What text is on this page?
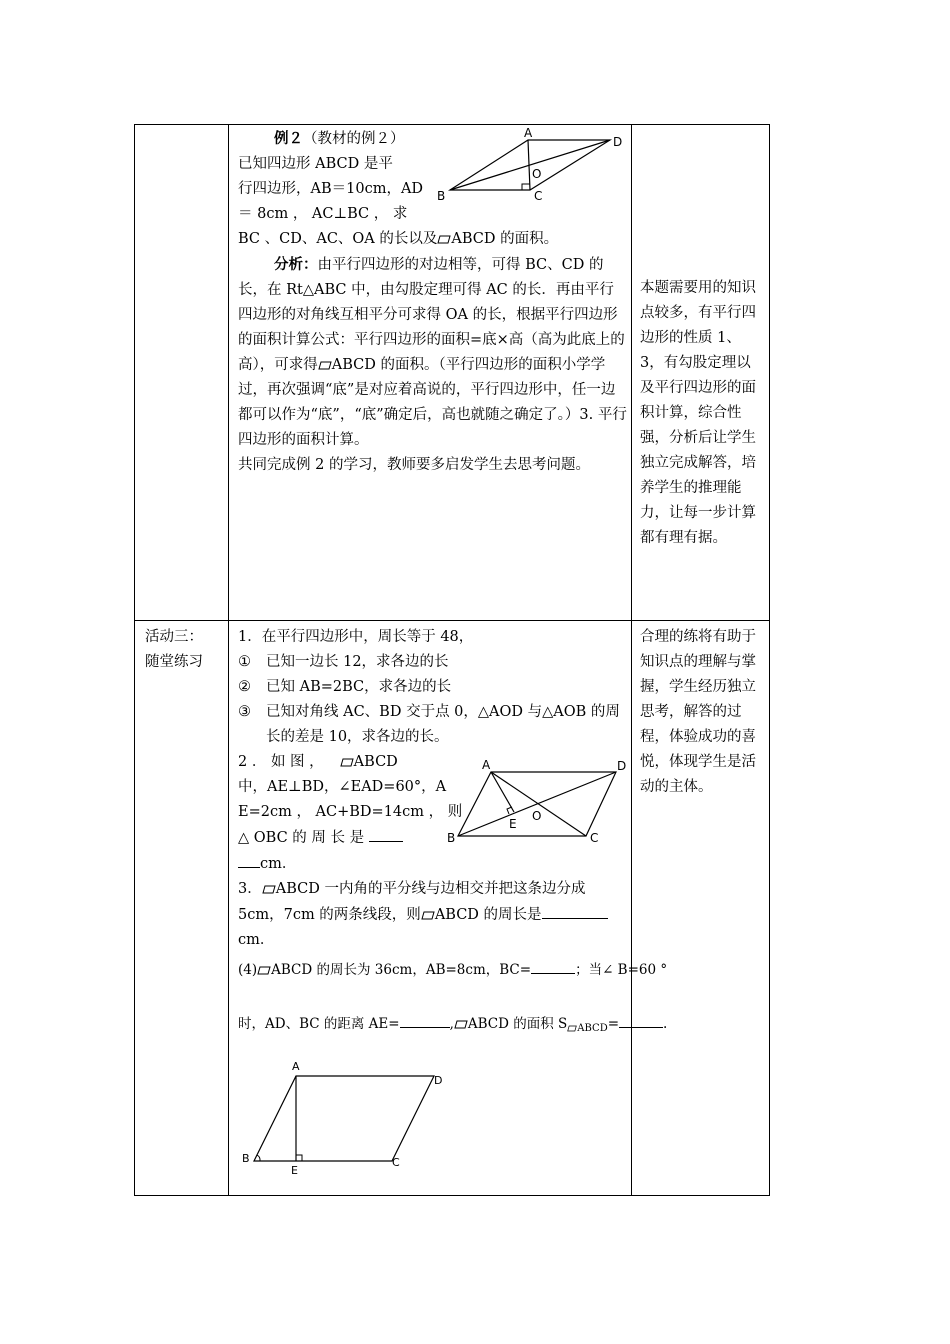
例２（教材的例２）
已知四边形 ABCD 是平
行四边形，AB＝10cm，AD
＝ 8cm ， AC⊥BC ， 求
BC 、CD、AC、OA 的长以及 ABCD 的面积。
分析：由平行四边形的对边相等，可得 BC、CD 的长，在 Rt△ABC 中，由勾股定理可得 AC 的长．再由平行四边形的对角线互相平分可求得 OA 的长，根据平行四边形的面积计算公式：平行四边形的面积=底×高（高为此底上的高），可求得 ABCD 的面积。（平行四边形的面积小学学过，再次强调“底”是对应着高说的，平行四边形中，任一边都可以作为“底”，“底”确定后，高也就随之确定了。）3. 平行四边形的面积计算。
共同完成例 2 的学习，教师要多启发学生去思考问题。
A
B	C
D
O
本题需要用的知识点较多，有平行四边形的性质 1、3，有勾股定理以及平行四边形的面积计算，综合性强，分析后让学生独立完成解答，培养学生的推理能力，让每一步计算都有理有据。
活动三：
随堂练习
1．在平行四边形中，周长等于 48，
①	已知一边长 12，求各边的长
②	已知 AB=2BC，求各边的长
③	已知对角线 AC、BD 交于点 0，△AOD 与△AOB 的周长的差是 10，求各边的长。
2 ． 如 图 ， ABCD
中，AE⊥BD，∠EAD=60°，A
E=2cm ， AC+BD=14cm ， 则
△ OBC 的 周 长 是
cm．
3． ABCD 一内角的平分线与边相交并把这条边分成
5cm，7cm 的两条线段，则 ABCD 的周长是
cm．
(4) ABCD 的周长为 36cm，AB=8cm，BC=	；当∠ B=60 °
时，AD、BC 的距离 AE=	, ABCD 的面积 S $_{ABCD}$=	.
A
B	C
D
E
O
A
B	C
D
E
合理的练将有助于知识点的理解与掌握，学生经历独立思考，解答的过程，体验成功的喜悦，体现学生是活动的主体。
